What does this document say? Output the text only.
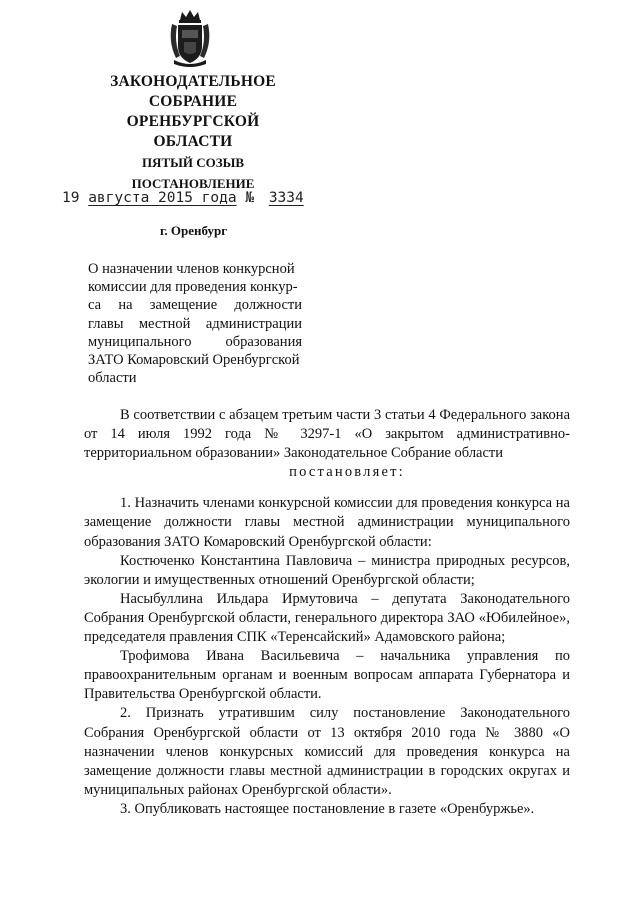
ЗАКОНОДАТЕЛЬНОЕ
СОБРАНИЕ
ОРЕНБУРГСКОЙ ОБЛАСТИ
ПЯТЫЙ СОЗЫВ
ПОСТАНОВЛЕНИЕ
19 августа 2015 года № 3334
г. Оренбург
О назначении членов конкурсной
комиссии для проведения конкур-
са на замещение должности
главы местной администрации
муниципального образования
ЗАТО Комаровский Оренбургской
области

В соответствии с абзацем третьим части 3 статьи 4 Федерального закона от 14 июля 1992 года № 3297-1 «О закрытом административно-территориальном образовании» Законодательное Собрание области

постановляет:

1. Назначить членами конкурсной комиссии для проведения конкурса на замещение должности главы местной администрации муниципального образования ЗАТО Комаровский Оренбургской области:

Костюченко Константина Павловича – министра природных ресурсов, экологии и имущественных отношений Оренбургской области;

Насыбуллина Ильдара Ирмутовича – депутата Законодательного Собрания Оренбургской области, генерального директора ЗАО «Юбилейное», председателя правления СПК «Теренсайский» Адамовского района;

Трофимова Ивана Васильевича – начальника управления по правоохранительным органам и военным вопросам аппарата Губернатора и Правительства Оренбургской области.

2. Признать утратившим силу постановление Законодательного Собрания Оренбургской области от 13 октября 2010 года № 3880 «О назначении членов конкурсных комиссий для проведения конкурса на замещение должности главы местной администрации в городских округах и муниципальных районах Оренбургской области».

3. Опубликовать настоящее постановление в газете «Оренбуржье».
